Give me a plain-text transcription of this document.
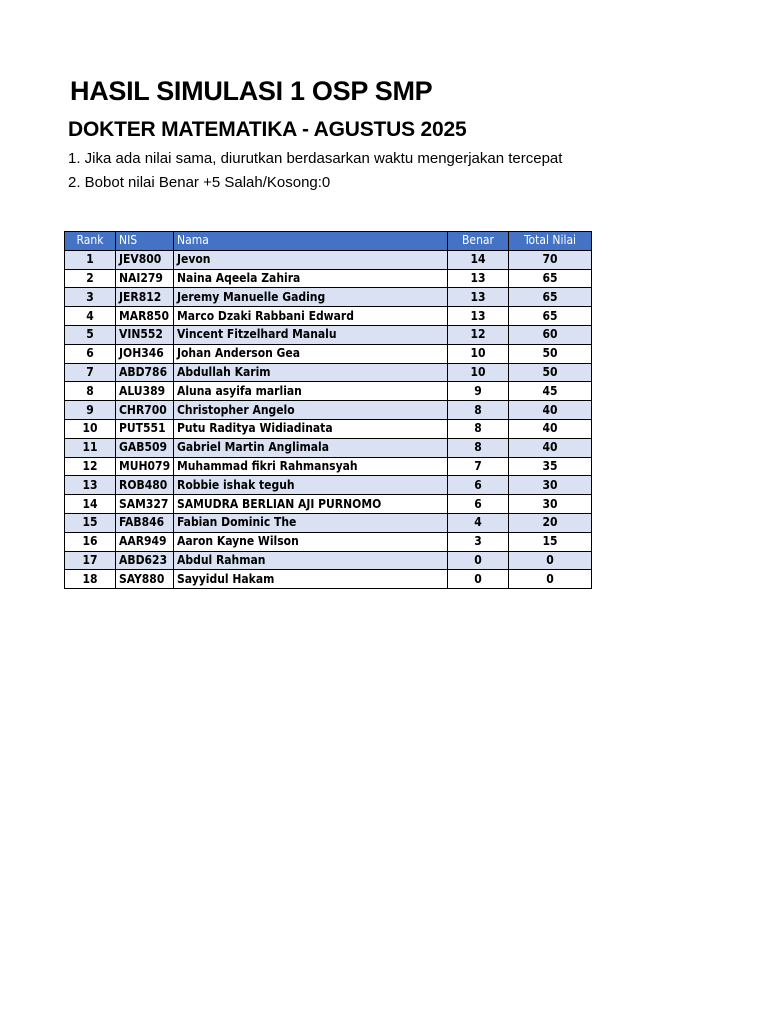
HASIL SIMULASI 1 OSP SMP
DOKTER MATEMATIKA - AGUSTUS 2025

1. Jika ada nilai sama, diurutkan berdasarkan waktu mengerjakan tercepat

2. Bobot nilai Benar +5 Salah/Kosong:0

Rank	NIS	Nama	Benar	Total Nilai
1	JEV800	Jevon	14	70
2	NAI279	Naina Aqeela Zahira	13	65
3	JER812	Jeremy Manuelle Gading	13	65
4	MAR850	Marco Dzaki Rabbani Edward	13	65
5	VIN552	Vincent Fitzelhard Manalu	12	60
6	JOH346	Johan Anderson Gea	10	50
7	ABD786	Abdullah Karim	10	50
8	ALU389	Aluna asyifa marlian	9	45
9	CHR700	Christopher Angelo	8	40
10	PUT551	Putu Raditya Widiadinata	8	40
11	GAB509	Gabriel Martin Anglimala	8	40
12	MUH079	Muhammad fikri Rahmansyah	7	35
13	ROB480	Robbie ishak teguh	6	30
14	SAM327	SAMUDRA BERLIAN AJI PURNOMO	6	30
15	FAB846	Fabian Dominic The	4	20
16	AAR949	Aaron Kayne Wilson	3	15
17	ABD623	Abdul Rahman	0	0
18	SAY880	Sayyidul Hakam	0	0
